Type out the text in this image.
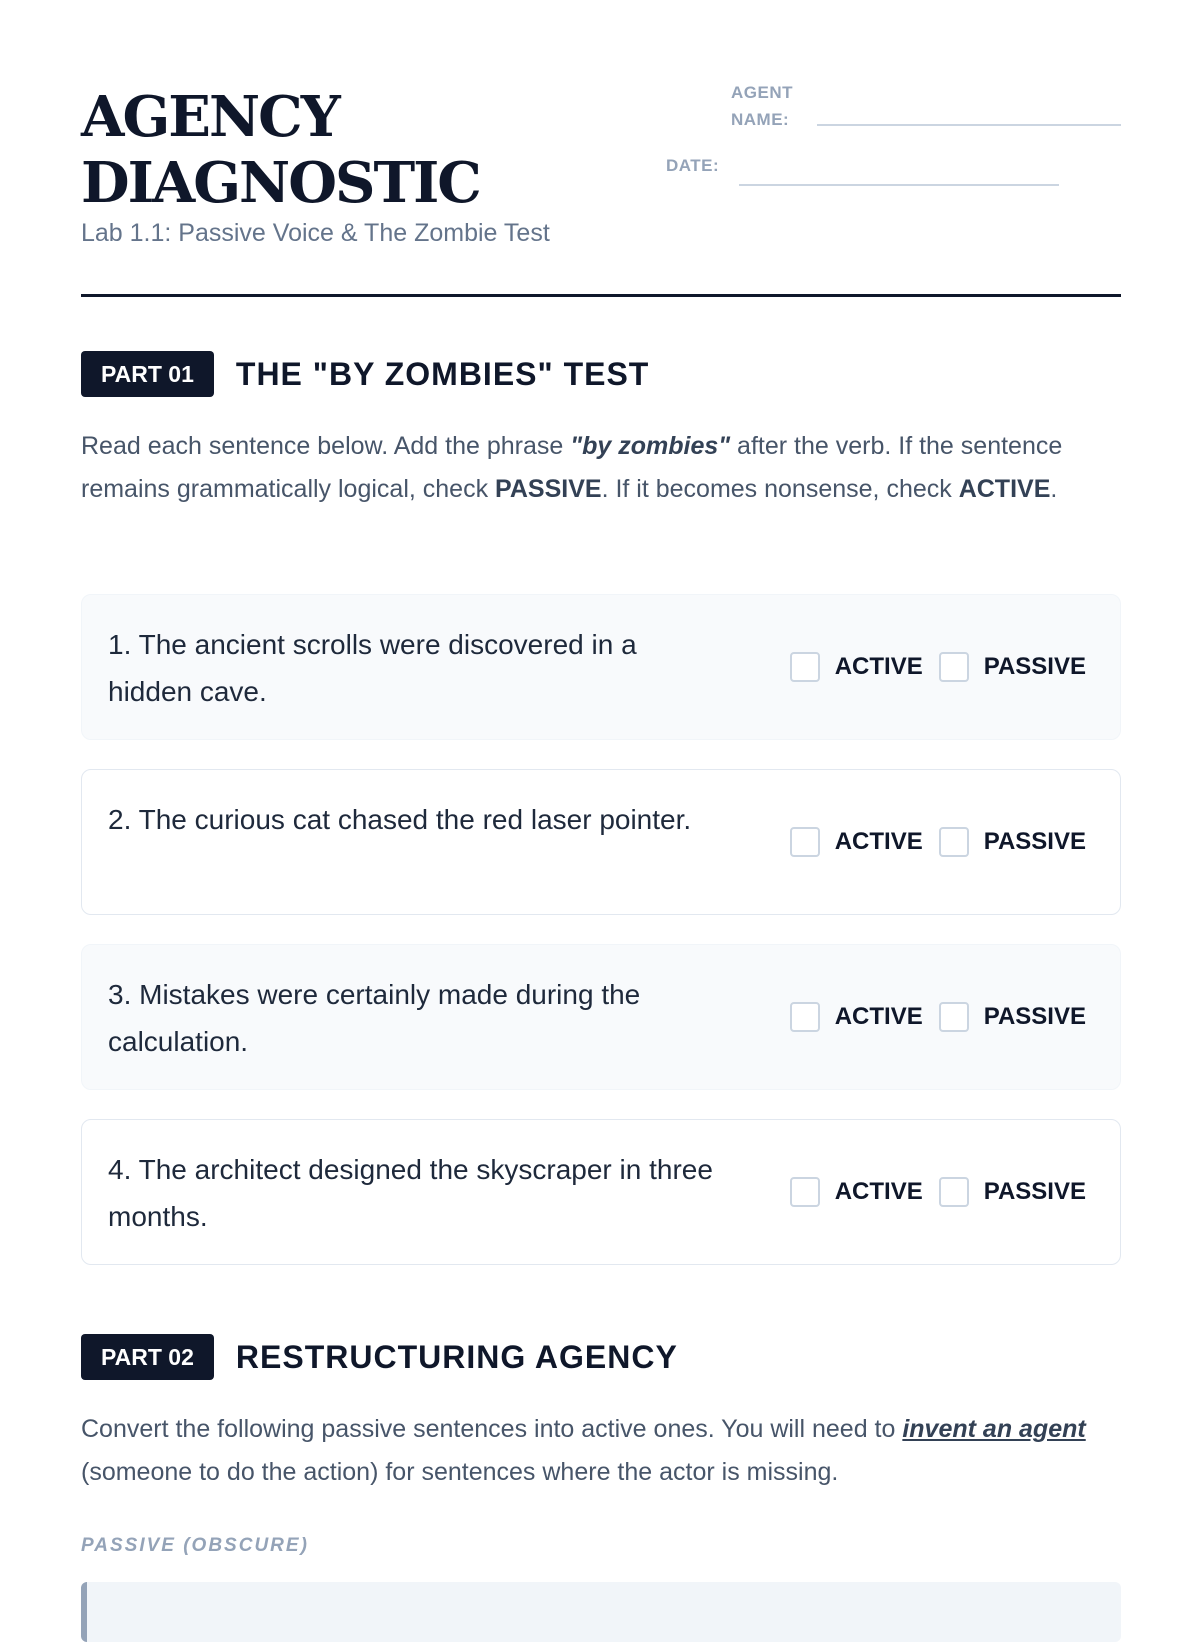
AGENCY
DIAGNOSTIC
Lab 1.1: Passive Voice & The Zombie Test
AGENT
NAME:
DATE:
PART 01	THE "BY ZOMBIES" TEST

Read each sentence below. Add the phrase "by zombies" after the verb. If the sentence remains grammatically logical, check PASSIVE. If it becomes nonsense, check ACTIVE.

1. The ancient scrolls were discovered in a hidden cave.
ACTIVE	PASSIVE
2. The curious cat chased the red laser pointer.
ACTIVE	PASSIVE
3. Mistakes were certainly made during the calculation.
ACTIVE	PASSIVE
4. The architect designed the skyscraper in three months.
ACTIVE	PASSIVE
PART 02	RESTRUCTURING AGENCY

Convert the following passive sentences into active ones. You will need to invent an agent (someone to do the action) for sentences where the actor is missing.

PASSIVE (OBSCURE)
